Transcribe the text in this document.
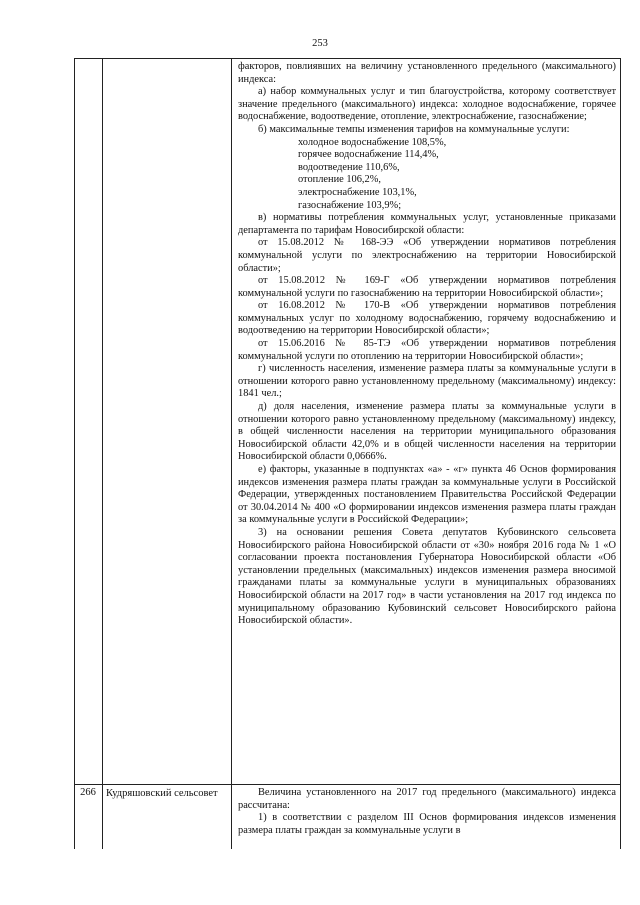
253

факторов, повлиявших на величину установленного предельного (максимального) индекса:

а) набор коммунальных услуг и тип благоустройства, которому соответствует значение предельного (максимального) индекса: холодное водоснабжение, горячее водоснабжение, водоотведение, отопление, электроснабжение, газоснабжение;

б) максимальные темпы изменения тарифов на коммунальные услуги:

холодное водоснабжение 108,5%,

горячее водоснабжение 114,4%,

водоотведение 110,6%,

отопление 106,2%,

электроснабжение 103,1%,

газоснабжение 103,9%;

в) нормативы потребления коммунальных услуг, установленные приказами департамента по тарифам Новосибирской области:

от 15.08.2012 № 168-ЭЭ «Об утверждении нормативов потребления коммунальной услуги по электроснабжению на территории Новосибирской области»;

от 15.08.2012 № 169-Г «Об утверждении нормативов потребления коммунальной услуги по газоснабжению на территории Новосибирской области»;

от 16.08.2012 № 170-В «Об утверждении нормативов потребления коммунальных услуг по холодному водоснабжению, горячему водоснабжению и водоотведению на территории Новосибирской области»;

от 15.06.2016 № 85-ТЭ «Об утверждении нормативов потребления коммунальной услуги по отоплению на территории Новосибирской области»;

г) численность населения, изменение размера платы за коммунальные услуги в отношении которого равно установленному предельному (максимальному) индексу: 1841 чел.;

д) доля населения, изменение размера платы за коммунальные услуги в отношении которого равно установленному предельному (максимальному) индексу, в общей численности населения на территории муниципального образования Новосибирской области 42,0% и в общей численности населения на территории Новосибирской области 0,0666%.

е) факторы, указанные в подпунктах «а» - «г» пункта 46 Основ формирования индексов изменения размера платы граждан за коммунальные услуги в Российской Федерации, утвержденных постановлением Правительства Российской Федерации от 30.04.2014 № 400 «О формировании индексов изменения размера платы граждан за коммунальные услуги в Российской Федерации»;

3) на основании решения Совета депутатов Кубовинского сельсовета Новосибирского района Новосибирской области от «30» ноября 2016 года № 1 «О согласовании проекта постановления Губернатора Новосибирской области «Об установлении предельных (максимальных) индексов изменения размера вносимой гражданами платы за коммунальные услуги в муниципальных образованиях Новосибирской области на 2017 год» в части установления на 2017 год индекса по муниципальному образованию Кубовинский сельсовет Новосибирского района Новосибирской области».

266 Кудряшовский сельсовет	Величина установленного на 2017 год предельного (максимального) индекса рассчитана:

1) в соответствии с разделом III Основ формирования индексов изменения размера платы граждан за коммунальные услуги в
